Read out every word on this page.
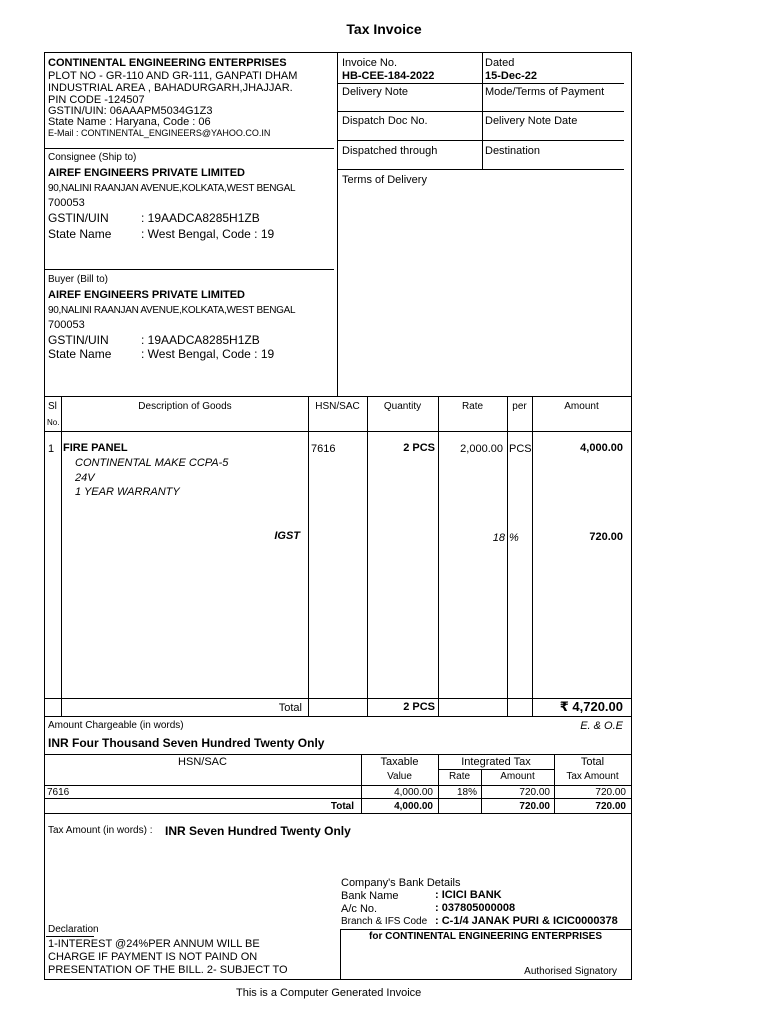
Tax Invoice
CONTINENTAL ENGINEERING ENTERPRISES
PLOT NO - GR-110 AND GR-111, GANPATI DHAM
INDUSTRIAL AREA , BAHADURGARH,JHAJJAR.
PIN CODE -124507
GSTIN/UIN: 06AAAPM5034G1Z3
State Name : Haryana, Code : 06
E-Mail : CONTINENTAL_ENGINEERS@YAHOO.CO.IN
Invoice No.
HB-CEE-184-2022
Dated
15-Dec-22
Delivery Note	Mode/Terms of Payment
Dispatch Doc No.	Delivery Note Date
Dispatched through	Destination
Terms of Delivery
Consignee (Ship to)
AIREF ENGINEERS PRIVATE LIMITED
90,NALINI RAANJAN AVENUE,KOLKATA,WEST BENGAL
700053
GSTIN/UIN	: 19AADCA8285H1ZB
State Name : West Bengal, Code : 19
Buyer (Bill to)
AIREF ENGINEERS PRIVATE LIMITED
90,NALINI RAANJAN AVENUE,KOLKATA,WEST BENGAL
700053
GSTIN/UIN	: 19AADCA8285H1ZB
State Name : West Bengal, Code : 19
Sl
No.
Description of Goods	HSN/SAC	Quantity	Rate	per	Amount
1 FIRE PANEL
CONTINENTAL MAKE CCPA-5
24V
1 YEAR WARRANTY
7616	2 PCS	2,000.00 PCS	4,000.00
IGST	18 %	720.00
Total	2 PCS	₹ 4,720.00
Amount Chargeable (in words)	E. & O.E
INR Four Thousand Seven Hundred Twenty Only
HSN/SAC	Taxable
Value
Integrated Tax
Rate	Amount
Total
Tax Amount
7616	4,000.00	18%	720.00	720.00
Total	4,000.00	720.00	720.00
Tax Amount (in words) : INR Seven Hundred Twenty Only
Company's Bank Details
Bank Name	: ICICI BANK
A/c No.	: 037805000008
Branch & IFS Code : C-1/4 JANAK PURI & ICIC0000378
Declaration
1-INTEREST @24%PER ANNUM WILL BE
CHARGE IF PAYMENT IS NOT PAIND ON
PRESENTATION OF THE BILL. 2- SUBJECT TO
for CONTINENTAL ENGINEERING ENTERPRISES
Authorised Signatory
This is a Computer Generated Invoice
